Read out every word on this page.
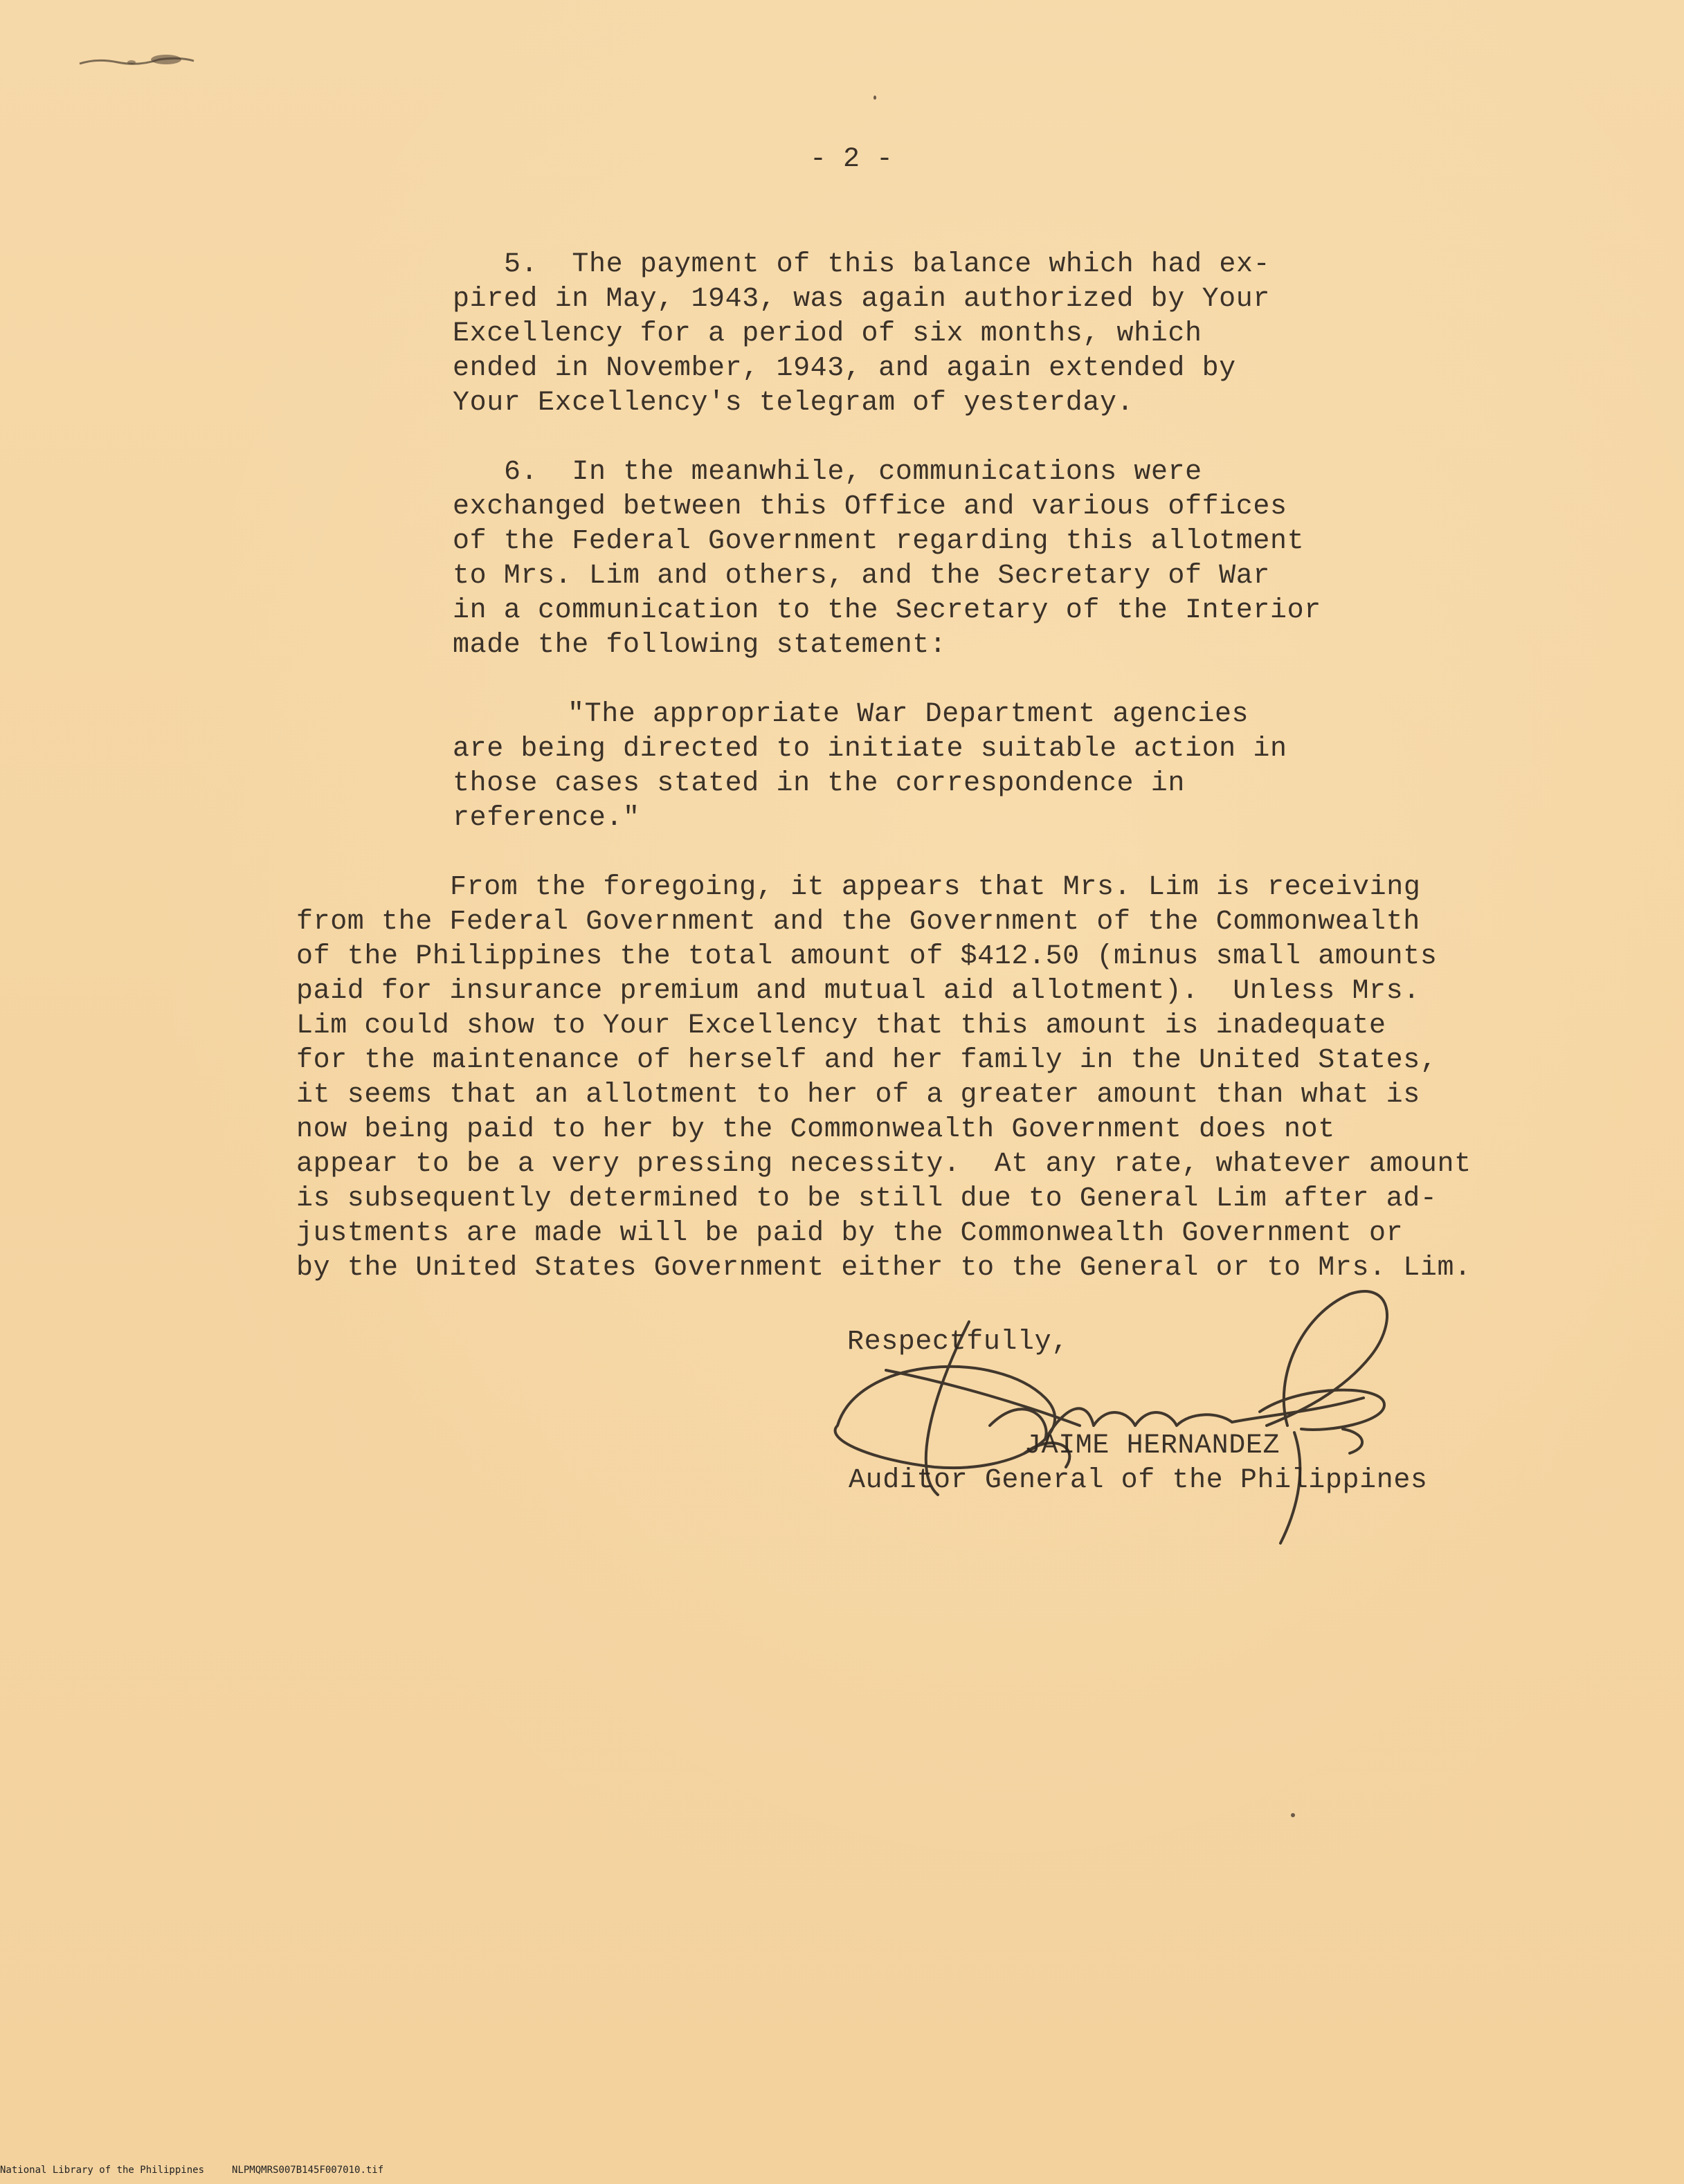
- 2 -
5.  The payment of this balance which had ex-
pired in May, 1943, was again authorized by Your
Excellency for a period of six months, which
ended in November, 1943, and again extended by
Your Excellency's telegram of yesterday.
6.  In the meanwhile, communications were
exchanged between this Office and various offices
of the Federal Government regarding this allotment
to Mrs. Lim and others, and the Secretary of War
in a communication to the Secretary of the Interior
made the following statement:
"The appropriate War Department agencies
are being directed to initiate suitable action in
those cases stated in the correspondence in
reference."
From the foregoing, it appears that Mrs. Lim is receiving
from the Federal Government and the Government of the Commonwealth
of the Philippines the total amount of $412.50 (minus small amounts
paid for insurance premium and mutual aid allotment).  Unless Mrs.
Lim could show to Your Excellency that this amount is inadequate
for the maintenance of herself and her family in the United States,
it seems that an allotment to her of a greater amount than what is
now being paid to her by the Commonwealth Government does not
appear to be a very pressing necessity.  At any rate, whatever amount
is subsequently determined to be still due to General Lim after ad-
justments are made will be paid by the Commonwealth Government or
by the United States Government either to the General or to Mrs. Lim.
Respectfully,
JAIME HERNANDEZ
Auditor General of the Philippines
National Library of the Philippines	NLPMQMRS007B145F007010.tif
